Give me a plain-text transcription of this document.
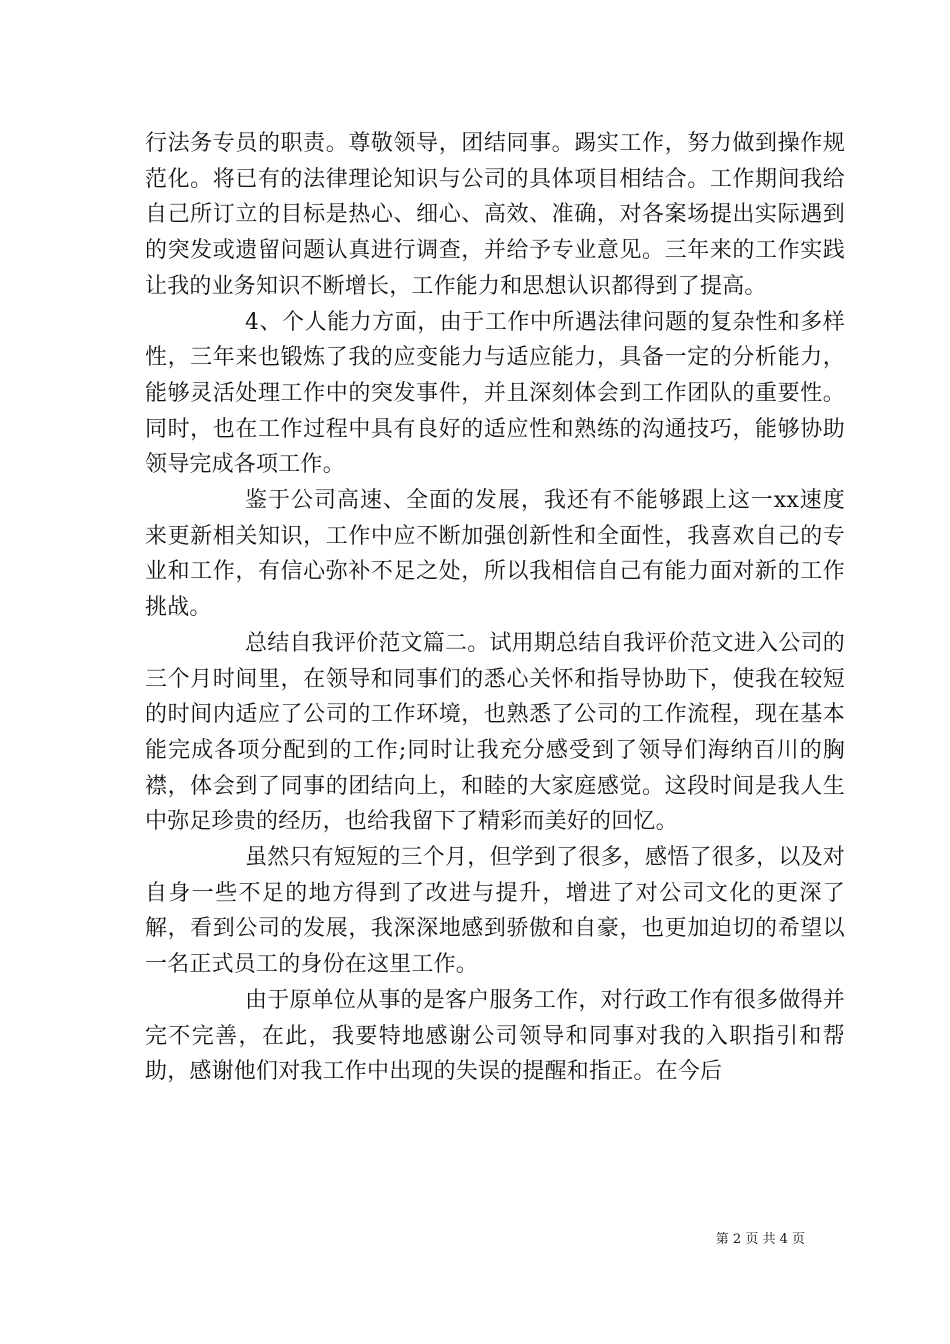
行法务专员的职责。尊敬领导，团结同事。踢实工作，努力做到操作规范化。将已有的法律理论知识与公司的具体项目相结合。工作期间我给自己所订立的目标是热心、细心、高效、准确，对各案场提出实际遇到的突发或遗留问题认真进行调查，并给予专业意见。三年来的工作实践让我的业务知识不断增长，工作能力和思想认识都得到了提高。

4、个人能力方面，由于工作中所遇法律问题的复杂性和多样性，三年来也锻炼了我的应变能力与适应能力，具备一定的分析能力，能够灵活处理工作中的突发事件，并且深刻体会到工作团队的重要性。同时，也在工作过程中具有良好的适应性和熟练的沟通技巧，能够协助领导完成各项工作。

鉴于公司高速、全面的发展，我还有不能够跟上这一xx速度来更新相关知识，工作中应不断加强创新性和全面性，我喜欢自己的专业和工作，有信心弥补不足之处，所以我相信自己有能力面对新的工作挑战。

总结自我评价范文篇二。试用期总结自我评价范文进入公司的三个月时间里，在领导和同事们的悉心关怀和指导协助下，使我在较短的时间内适应了公司的工作环境，也熟悉了公司的工作流程，现在基本能完成各项分配到的工作;同时让我充分感受到了领导们海纳百川的胸襟，体会到了同事的团结向上，和睦的大家庭感觉。这段时间是我人生中弥足珍贵的经历，也给我留下了精彩而美好的回忆。

虽然只有短短的三个月，但学到了很多，感悟了很多，以及对自身一些不足的地方得到了改进与提升，增进了对公司文化的更深了解，看到公司的发展，我深深地感到骄傲和自豪，也更加迫切的希望以一名正式员工的身份在这里工作。

由于原单位从事的是客户服务工作，对行政工作有很多做得并完不完善，在此，我要特地感谢公司领导和同事对我的入职指引和帮助，感谢他们对我工作中出现的失误的提醒和指正。在今后

第 2 页 共 4 页
